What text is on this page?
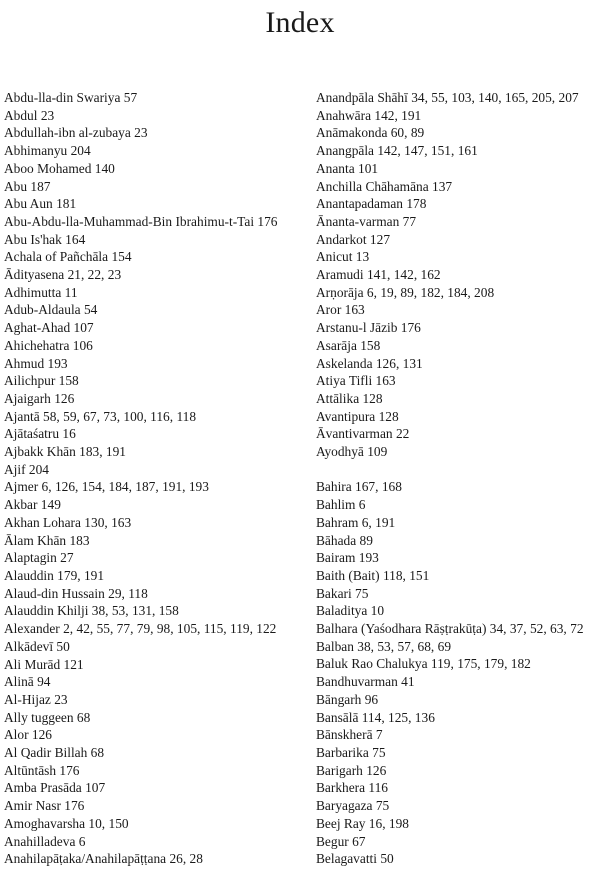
Index
Abdu-lla-din Swariya 57
Abdul 23
Abdullah-ibn al-zubaya 23
Abhimanyu 204
Aboo Mohamed 140
Abu 187
Abu Aun 181
Abu-Abdu-lla-Muhammad-Bin Ibrahimu-t-Tai 176
Abu Is'hak 164
Achala of Pañchāla 154
Ādityasena 21, 22, 23
Adhimutta 11
Adub-Aldaula 54
Aghat-Ahad 107
Ahichehatra 106
Ahmud 193
Ailichpur 158
Ajaigarh 126
Ajantā 58, 59, 67, 73, 100, 116, 118
Ajātaśatru 16
Ajbakk Khān 183, 191
Ajif 204
Ajmer 6, 126, 154, 184, 187, 191, 193
Akbar 149
Akhan Lohara 130, 163
Ālam Khān 183
Alaptagin 27
Alauddin 179, 191
Alaud-din Hussain 29, 118
Alauddin Khilji 38, 53, 131, 158
Alexander 2, 42, 55, 77, 79, 98, 105, 115, 119, 122
Alkādevī 50
Ali Murād 121
Alinā 94
Al-Hijaz 23
Ally tuggeen 68
Alor 126
Al Qadir Billah 68
Altūntāsh 176
Amba Prasāda 107
Amir Nasr 176
Amoghavarsha 10, 150
Anahilladeva 6
Anahilapāṭaka/Anahilapāṭṭana 26, 28
Anandpāla Shāhī 34, 55, 103, 140, 165, 205, 207
Anahwāra 142, 191
Anāmakonda 60, 89
Anangpāla 142, 147, 151, 161
Ananta 101
Anchilla Chāhamāna 137
Anantapadaman 178
Ānanta-varman 77
Andarkot 127
Anicut 13
Aramudi 141, 142, 162
Arṇorāja 6, 19, 89, 182, 184, 208
Aror 163
Arstanu-l Jāzib 176
Asarāja 158
Askelanda 126, 131
Atiya Tifli 163
Attālika 128
Avantipura 128
Āvantivarman 22
Ayodhyā 109
Bahira 167, 168
Bahlim 6
Bahram 6, 191
Bāhada 89
Bairam 193
Baith (Bait) 118, 151
Bakari 75
Baladitya 10
Balhara (Yaśodhara Rāṣṭrakūṭa) 34, 37, 52, 63, 72
Balban 38, 53, 57, 68, 69
Baluk Rao Chalukya 119, 175, 179, 182
Bandhuvarman 41
Bāngarh 96
Bansālā 114, 125, 136
Bānskherā 7
Barbarika 75
Barigarh 126
Barkhera 116
Baryagaza 75
Beej Ray 16, 198
Begur 67
Belagavatti 50
